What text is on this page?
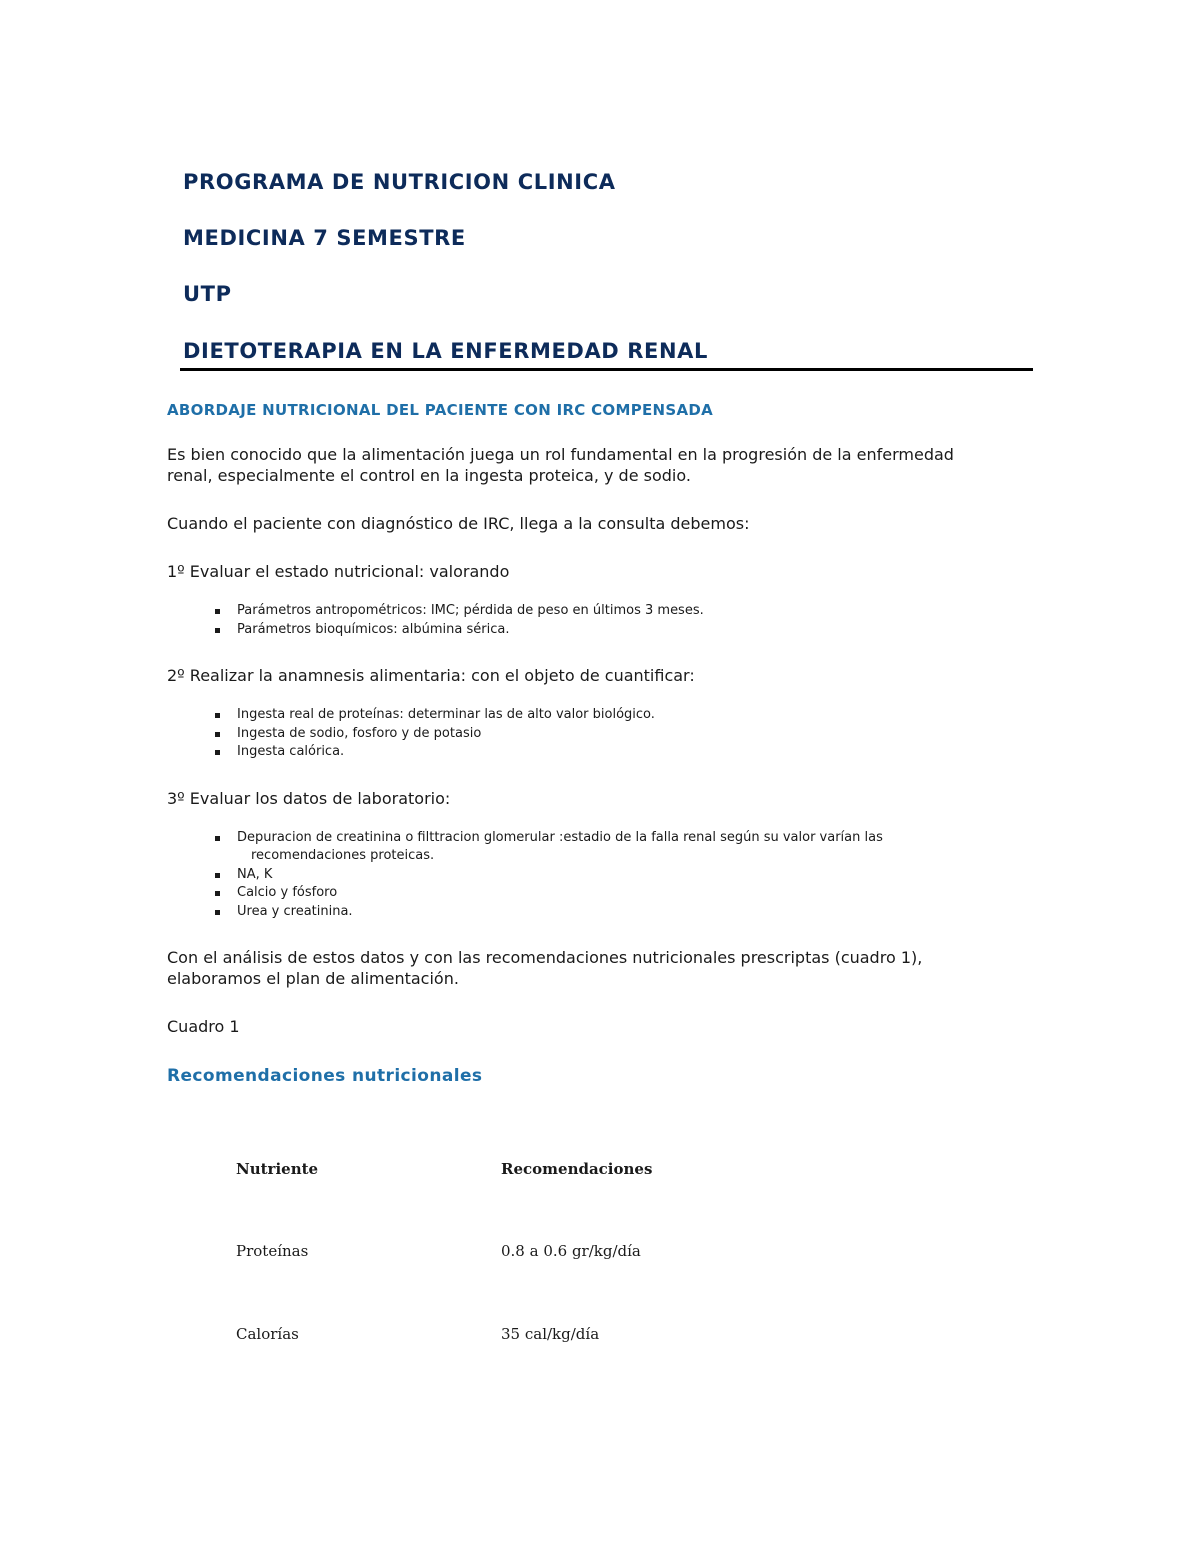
PROGRAMA DE NUTRICION CLINICA
MEDICINA 7 SEMESTRE
UTP
DIETOTERAPIA EN LA ENFERMEDAD RENAL

ABORDAJE NUTRICIONAL DEL PACIENTE CON IRC COMPENSADA

Es bien conocido que la alimentación juega un rol fundamental en la progresión de la enfermedad
renal, especialmente el control en la ingesta proteica, y de sodio.

Cuando el paciente con diagnóstico de IRC, llega a la consulta debemos:

1º Evaluar el estado nutricional: valorando

Parámetros antropométricos: IMC; pérdida de peso en últimos 3 meses.
Parámetros bioquímicos: albúmina sérica.

2º Realizar la anamnesis alimentaria: con el objeto de cuantificar:

Ingesta real de proteínas: determinar las de alto valor biológico.
Ingesta de sodio, fosforo y de potasio
Ingesta calórica.

3º Evaluar los datos de laboratorio:

Depuracion de creatinina o filttracion glomerular :estadio de la falla renal según su valor varían las
recomendaciones proteicas.
NA, K
Calcio y fósforo
Urea y creatinina.

Con el análisis de estos datos y con las recomendaciones nutricionales prescriptas (cuadro 1),
elaboramos el plan de alimentación.

Cuadro 1

Recomendaciones nutricionales

Nutriente	Recomendaciones
Proteínas	0.8 a 0.6 gr/kg/día
Calorías	35 cal/kg/día
